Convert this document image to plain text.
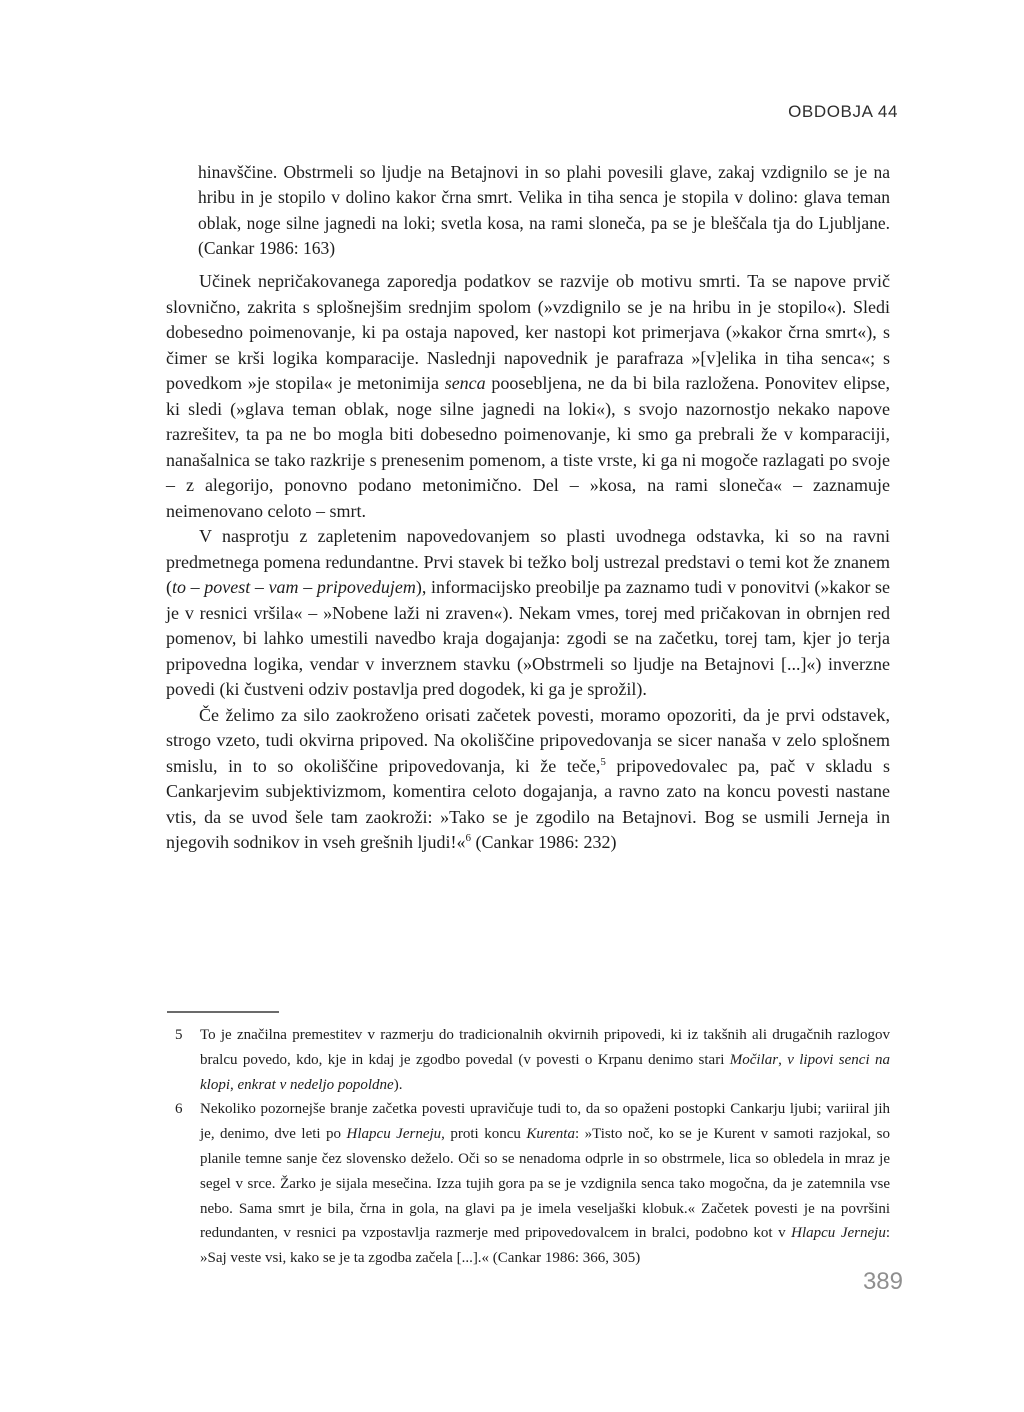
OBDOBJA 44

hinavščine. Obstrmeli so ljudje na Betajnovi in so plahi povesili glave, zakaj vzdignilo se je na hribu in je stopilo v dolino kakor črna smrt. Velika in tiha senca je stopila v dolino: glava teman oblak, noge silne jagnedi na loki; svetla kosa, na rami sloneča, pa se je bleščala tja do Ljubljane. (Cankar 1986: 163)

Učinek nepričakovanega zaporedja podatkov se razvije ob motivu smrti. Ta se napove prvič slovnično, zakrita s splošnejšim srednjim spolom (»vzdignilo se je na hribu in je stopilo«). Sledi dobesedno poimenovanje, ki pa ostaja napoved, ker nastopi kot primerjava (»kakor črna smrt«), s čimer se krši logika komparacije. Naslednji napovednik je parafraza »[v]elika in tiha senca«; s povedkom »je stopila« je metonimija senca poosebljena, ne da bi bila razložena. Ponovitev elipse, ki sledi (»glava teman oblak, noge silne jagnedi na loki«), s svojo nazornostjo nekako napove razrešitev, ta pa ne bo mogla biti dobesedno poimenovanje, ki smo ga prebrali že v komparaciji, nanašalnica se tako razkrije s prenesenim pomenom, a tiste vrste, ki ga ni mogoče razlagati po svoje – z alegorijo, ponovno podano metonimično. Del – »kosa, na rami sloneča« – zaznamuje neimenovano celoto – smrt.

V nasprotju z zapletenim napovedovanjem so plasti uvodnega odstavka, ki so na ravni predmetnega pomena redundantne. Prvi stavek bi težko bolj ustrezal predstavi o temi kot že znanem (to – povest – vam – pripovedujem), informacijsko preobilje pa zaznamo tudi v ponovitvi (»kakor se je v resnici vršila« – »Nobene laži ni zraven«). Nekam vmes, torej med pričakovan in obrnjen red pomenov, bi lahko umestili navedbo kraja dogajanja: zgodi se na začetku, torej tam, kjer jo terja pripovedna logika, vendar v inverznem stavku (»Obstrmeli so ljudje na Betajnovi [...]«) inverzne povedi (ki čustveni odziv postavlja pred dogodek, ki ga je sprožil).

Če želimo za silo zaokroženo orisati začetek povesti, moramo opozoriti, da je prvi odstavek, strogo vzeto, tudi okvirna pripoved. Na okoliščine pripovedovanja se sicer nanaša v zelo splošnem smislu, in to so okoliščine pripovedovanja, ki že teče,$^5$ pripovedovalec pa, pač v skladu s Cankarjevim subjektivizmom, komentira celoto dogajanja, a ravno zato na koncu povesti nastane vtis, da se uvod šele tam zaokroži: »Tako se je zgodilo na Betajnovi. Bog se usmili Jerneja in njegovih sodnikov in vseh grešnih ljudi!«$^6$ (Cankar 1986: 232)

5 To je značilna premestitev v razmerju do tradicionalnih okvirnih pripovedi, ki iz takšnih ali drugačnih razlogov bralcu povedo, kdo, kje in kdaj je zgodbo povedal (v povesti o Krpanu denimo stari Močilar, v lipovi senci na klopi, enkrat v nedeljo popoldne).
6 Nekoliko pozornejše branje začetka povesti upravičuje tudi to, da so opaženi postopki Cankarju ljubi; variiral jih je, denimo, dve leti po Hlapcu Jerneju, proti koncu Kurenta: »Tisto noč, ko se je Kurent v samoti razjokal, so planile temne sanje čez slovensko deželo. Oči so se nenadoma odprle in so obstrmele, lica so obledela in mraz je segel v srce. Žarko je sijala mesečina. Izza tujih gora pa se je vzdignila senca tako mogočna, da je zatemnila vse nebo. Sama smrt je bila, črna in gola, na glavi pa je imela veseljaški klobuk.« Začetek povesti je na površini redundanten, v resnici pa vzpostavlja razmerje med pripovedovalcem in bralci, podobno kot v Hlapcu Jerneju: »Saj veste vsi, kako se je ta zgodba začela [...].« (Cankar 1986: 366, 305)
389
